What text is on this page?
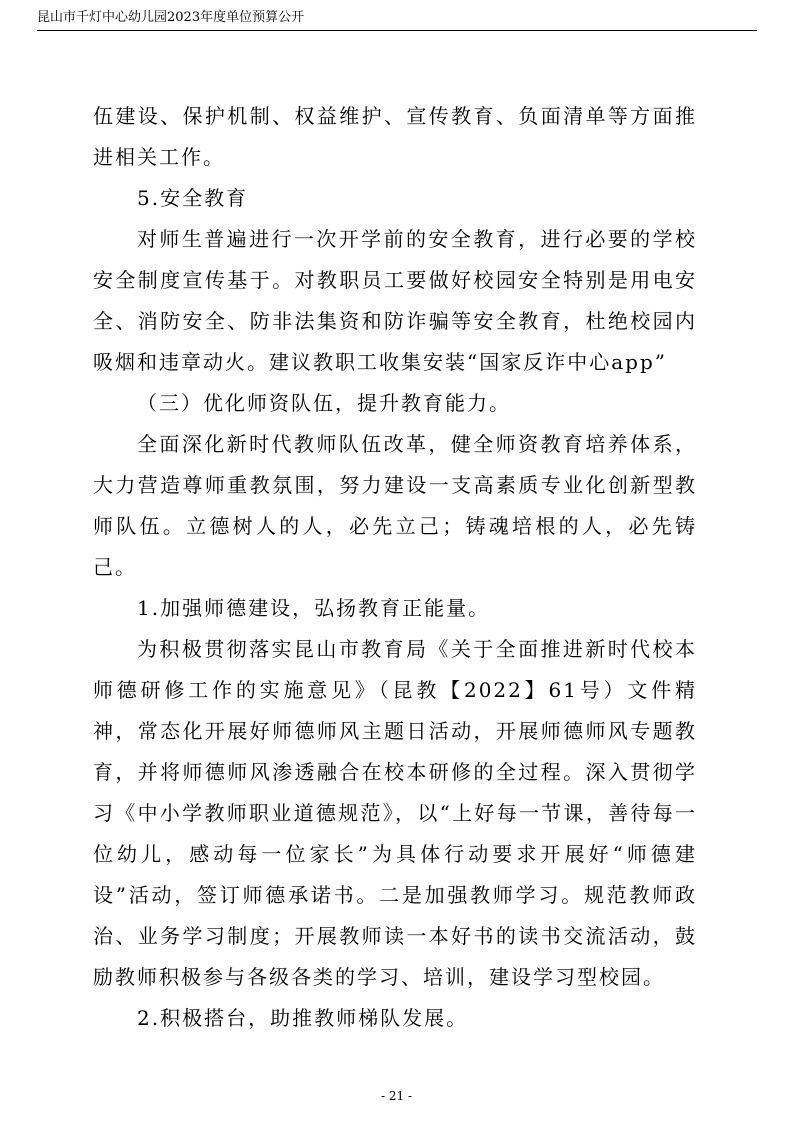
昆山市千灯中心幼儿园2023年度单位预算公开

伍建设、保护机制、权益维护、宣传教育、负面清单等方面推进相关工作。

5.安全教育

对师生普遍进行一次开学前的安全教育，进行必要的学校安全制度宣传基于。对教职员工要做好校园安全特别是用电安全、消防安全、防非法集资和防诈骗等安全教育，杜绝校园内吸烟和违章动火。建议教职工收集安装“国家反诈中心app”

（三）优化师资队伍，提升教育能力。

全面深化新时代教师队伍改革，健全师资教育培养体系，大力营造尊师重教氛围，努力建设一支高素质专业化创新型教师队伍。立德树人的人，必先立己；铸魂培根的人，必先铸己。

1.加强师德建设，弘扬教育正能量。

为积极贯彻落实昆山市教育局《关于全面推进新时代校本师德研修工作的实施意见》（昆教【2022】61号）文件精神，常态化开展好师德师风主题日活动，开展师德师风专题教育，并将师德师风渗透融合在校本研修的全过程。深入贯彻学习《中小学教师职业道德规范》，以“上好每一节课，善待每一位幼儿，感动每一位家长”为具体行动要求开展好“师德建设”活动，签订师德承诺书。二是加强教师学习。规范教师政治、业务学习制度；开展教师读一本好书的读书交流活动，鼓励教师积极参与各级各类的学习、培训，建设学习型校园。

2.积极搭台，助推教师梯队发展。

- 21 -
